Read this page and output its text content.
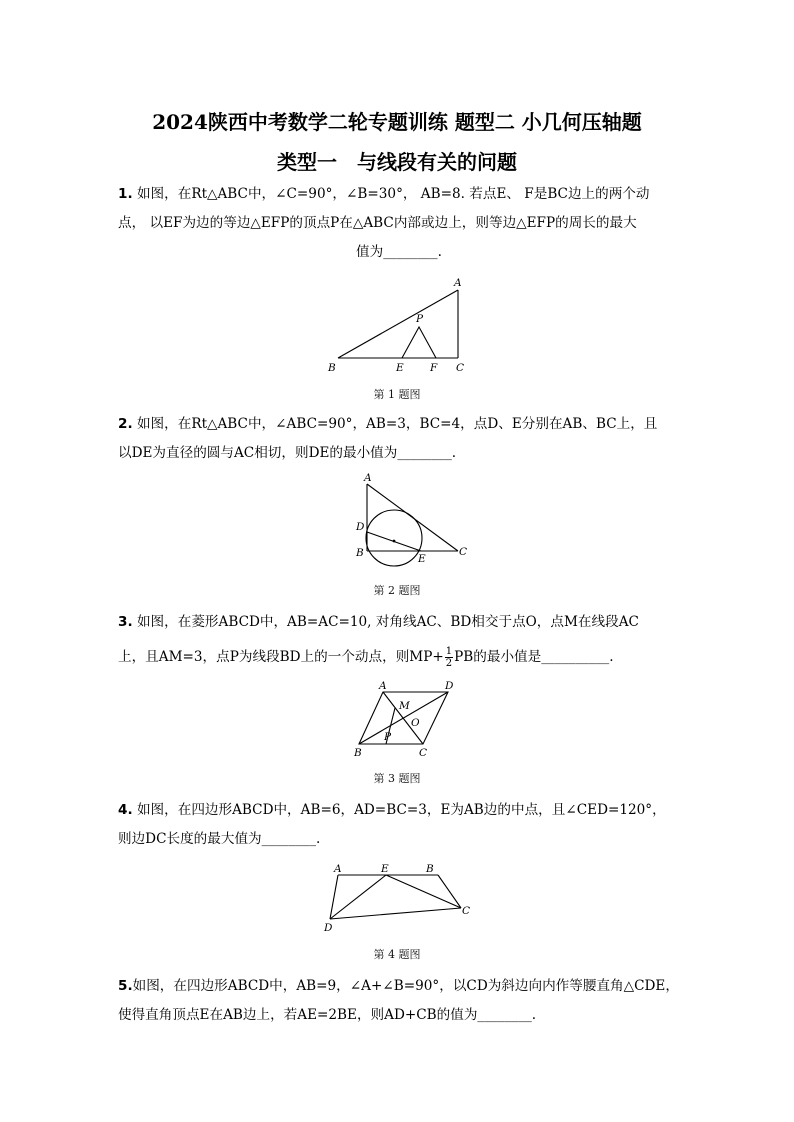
2024陕西中考数学二轮专题训练 题型二 小几何压轴题
类型一　与线段有关的问题
1. 如图，在Rt△ABC中，∠C=90°，∠B=30°， AB=8. 若点E、 F是BC边上的两个动
点， 以EF为边的等边△EFP的顶点P在△ABC内部或边上，则等边△EFP的周长的最大
值为________.
A
P
B	E	F C
第 1 题图
2. 如图，在Rt△ABC中，∠ABC=90°，AB=3，BC=4，点D、E分别在AB、BC上，且
以DE为直径的圆与AC相切，则DE的最小值为________.
A
D
B	E
C
第 2 题图
3. 如图，在菱形ABCD中，AB=AC=10, 对角线AC、BD相交于点O，点M在线段AC
上，且AM=3，点P为线段BD上的一个动点，则$MP+ \frac{1}{2}$ PB的最小值是__________.
A	D
M
O
P
B	C
第 3 题图
4. 如图，在四边形ABCD中，AB=6，AD=BC=3，E为AB边的中点，且∠CED=120°，
则边DC长度的最大值为________.
A	E	B
C
D
第 4 题图
5.如图，在四边形ABCD中，AB=9，∠A+∠B=90°，以CD为斜边向内作等腰直角△CDE，
使得直角顶点E在AB边上，若AE=2BE，则AD+CB的值为________.
